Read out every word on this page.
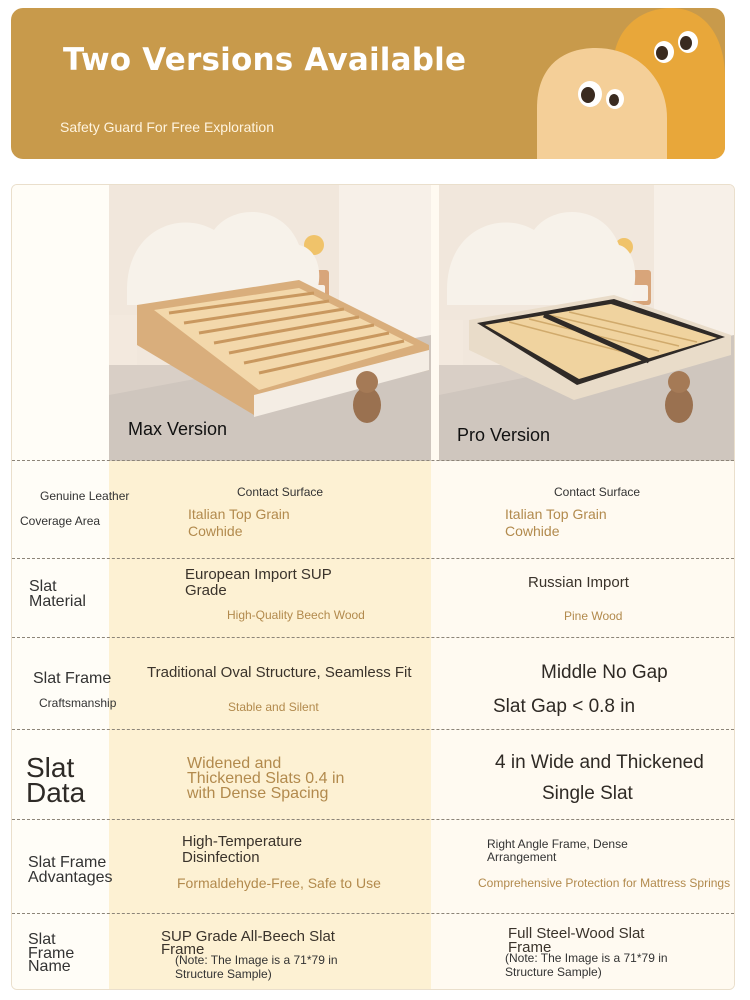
Two Versions Available
Safety Guard For Free Exploration
Max Version	Pro Version
Genuine Leather
Coverage Area
Contact Surface
Italian Top Grain
Cowhide
Contact Surface
Italian Top Grain
Cowhide
Slat
Material
European Import SUP
Grade
High-Quality Beech Wood
Russian Import
Pine Wood
Slat Frame
Craftsmanship
Traditional Oval Structure, Seamless Fit
Stable and Silent
Middle No Gap
Slat Gap < 0.8 in
Slat
Data
Widened and
Thickened Slats 0.4 in
with Dense Spacing
4 in Wide and Thickened
Single Slat
Slat Frame
Advantages
High-Temperature
Disinfection
Formaldehyde-Free, Safe to Use
Right Angle Frame, Dense
Arrangement
Comprehensive Protection for Mattress Springs
Slat
Frame
Name
SUP Grade All-Beech Slat
Frame
(Note: The Image is a 71*79 in
Structure Sample)
Full Steel-Wood Slat
Frame
(Note: The Image is a 71*79 in
Structure Sample)
